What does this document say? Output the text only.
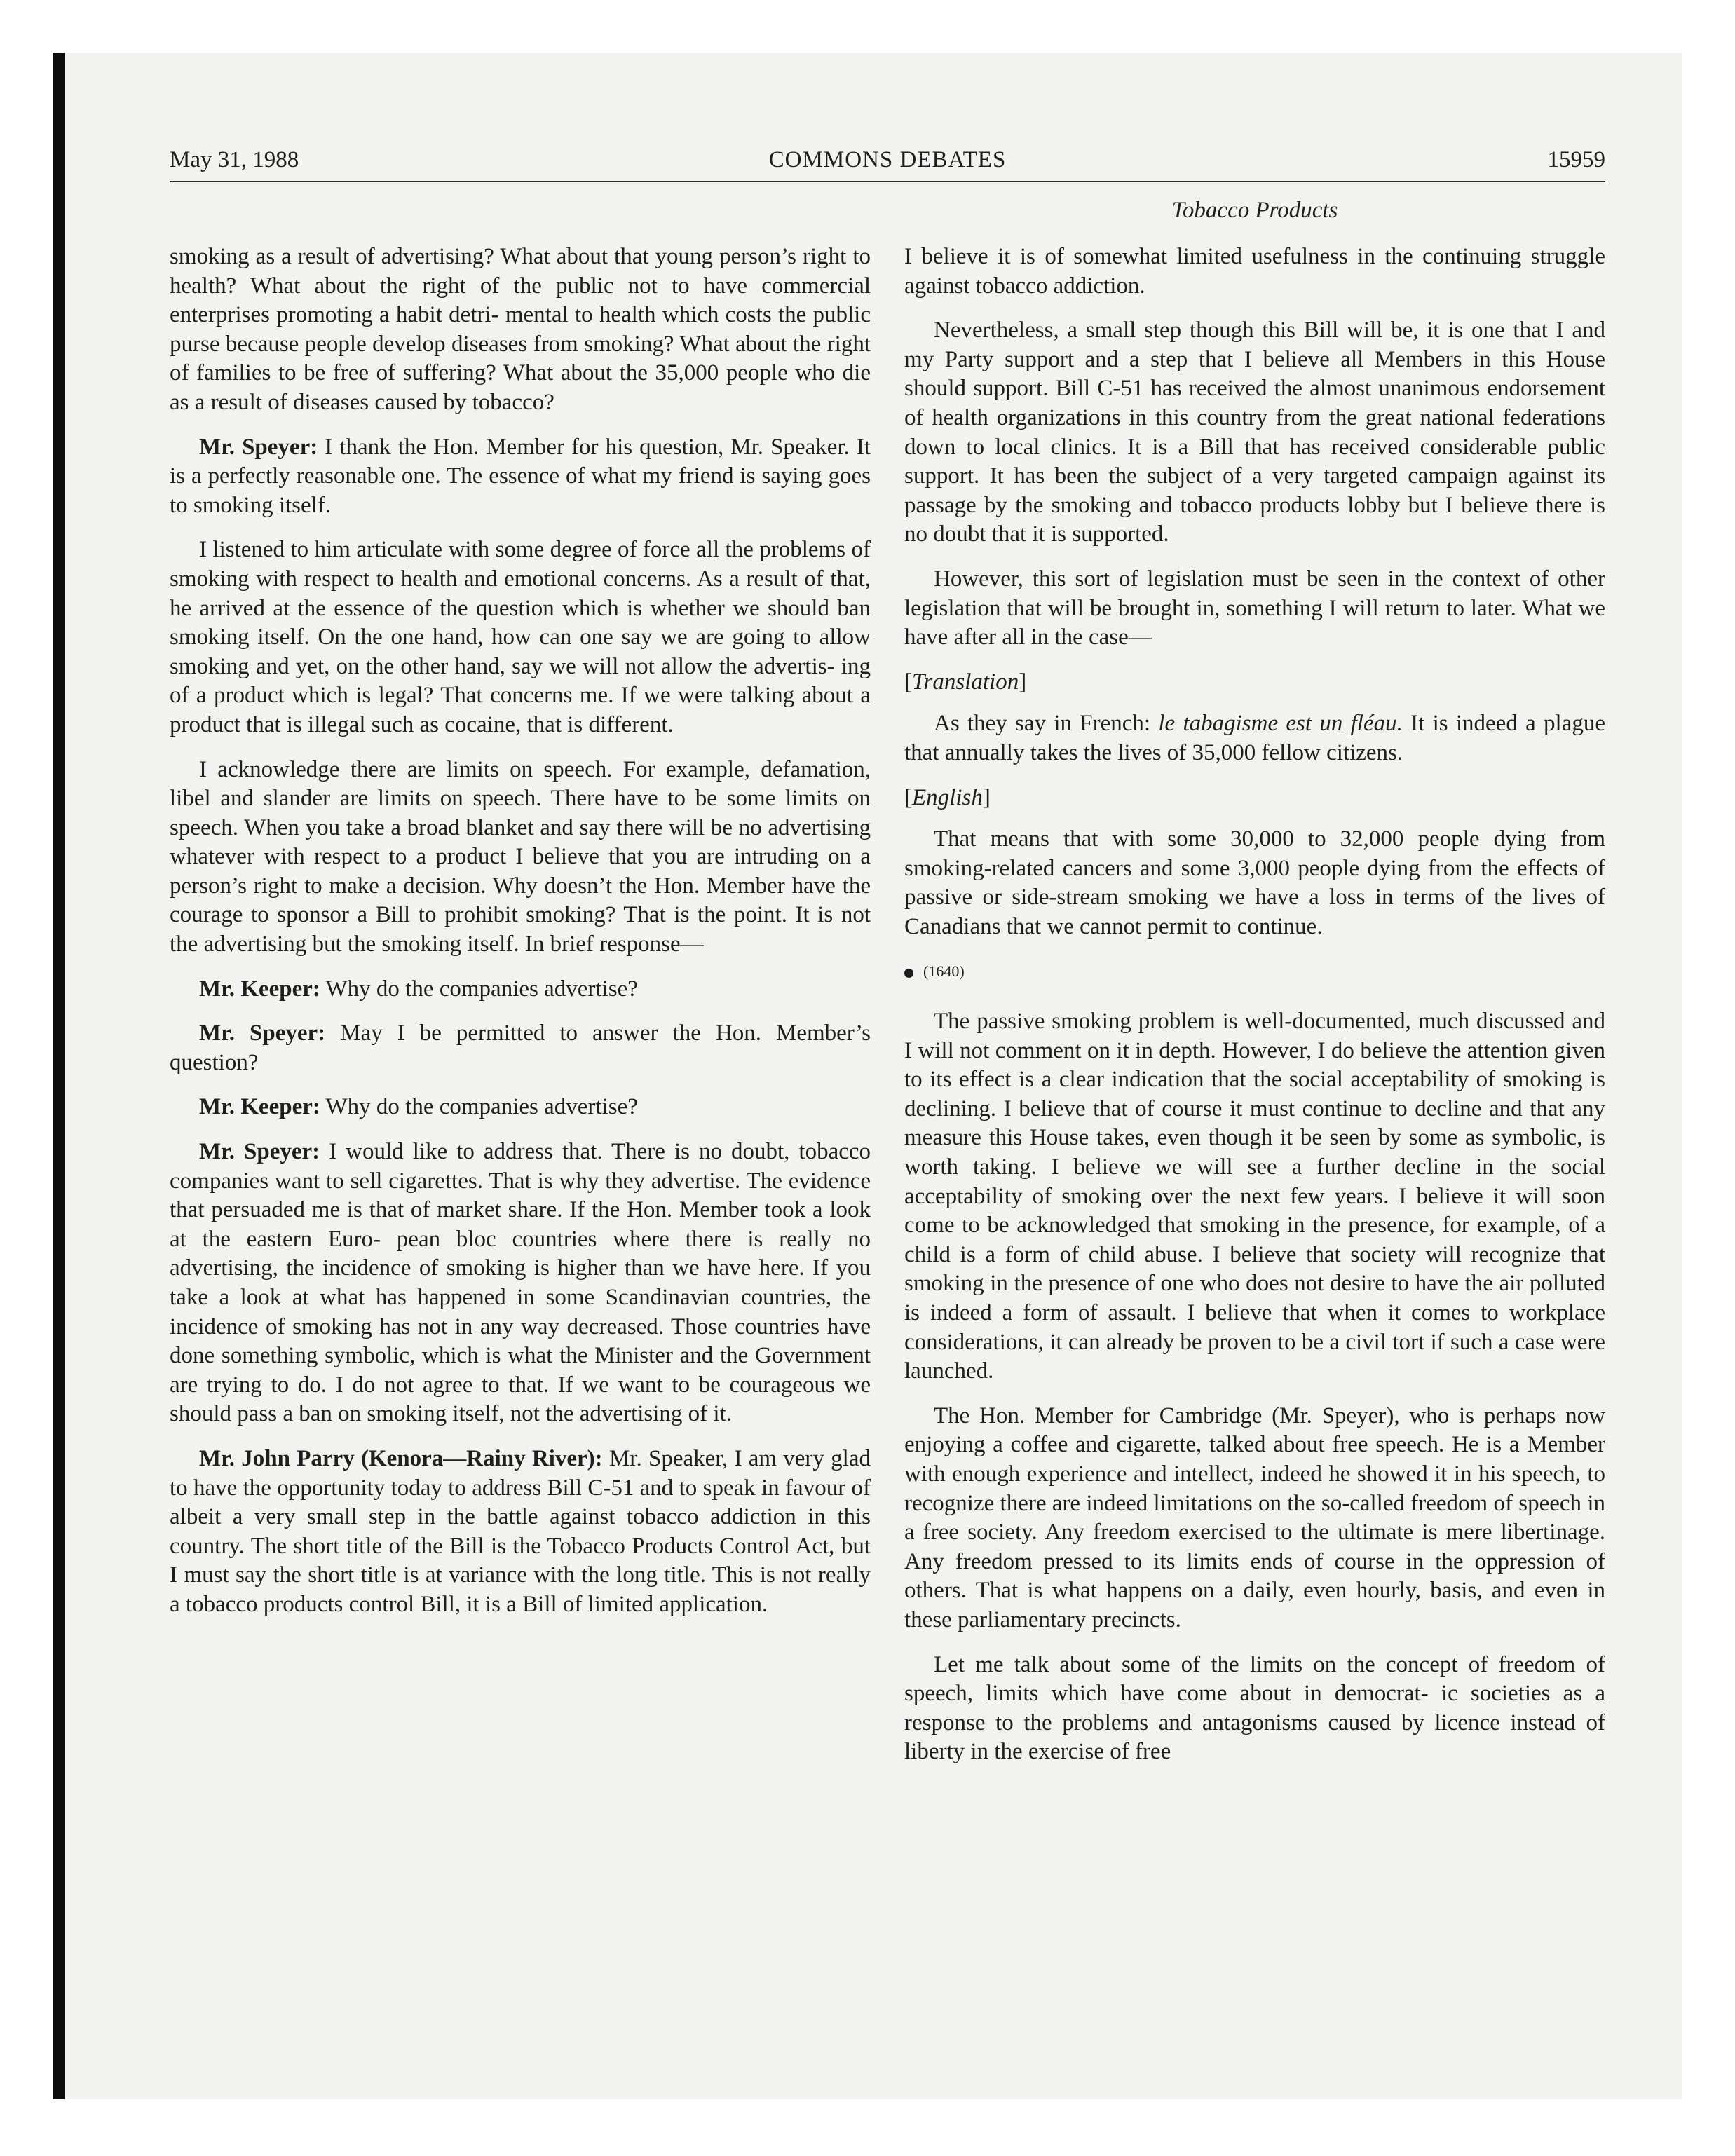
May 31, 1988	COMMONS DEBATES	15959
Tobacco Products

smoking as a result of advertising? What about that young person’s right to health? What about the right of the public not to have commercial enterprises promoting a habit detri- mental to health which costs the public purse because people develop diseases from smoking? What about the right of families to be free of suffering? What about the 35,000 people who die as a result of diseases caused by tobacco?

Mr. Speyer: I thank the Hon. Member for his question, Mr. Speaker. It is a perfectly reasonable one. The essence of what my friend is saying goes to smoking itself.

I listened to him articulate with some degree of force all the problems of smoking with respect to health and emotional concerns. As a result of that, he arrived at the essence of the question which is whether we should ban smoking itself. On the one hand, how can one say we are going to allow smoking and yet, on the other hand, say we will not allow the advertis- ing of a product which is legal? That concerns me. If we were talking about a product that is illegal such as cocaine, that is different.

I acknowledge there are limits on speech. For example, defamation, libel and slander are limits on speech. There have to be some limits on speech. When you take a broad blanket and say there will be no advertising whatever with respect to a product I believe that you are intruding on a person’s right to make a decision. Why doesn’t the Hon. Member have the courage to sponsor a Bill to prohibit smoking? That is the point. It is not the advertising but the smoking itself. In brief response—

Mr. Keeper: Why do the companies advertise?

Mr. Speyer: May I be permitted to answer the Hon. Member’s question?

Mr. Keeper: Why do the companies advertise?

Mr. Speyer: I would like to address that. There is no doubt, tobacco companies want to sell cigarettes. That is why they advertise. The evidence that persuaded me is that of market share. If the Hon. Member took a look at the eastern Euro- pean bloc countries where there is really no advertising, the incidence of smoking is higher than we have here. If you take a look at what has happened in some Scandinavian countries, the incidence of smoking has not in any way decreased. Those countries have done something symbolic, which is what the Minister and the Government are trying to do. I do not agree to that. If we want to be courageous we should pass a ban on smoking itself, not the advertising of it.

Mr. John Parry (Kenora—Rainy River): Mr. Speaker, I am very glad to have the opportunity today to address Bill C-51 and to speak in favour of albeit a very small step in the battle against tobacco addiction in this country. The short title of the Bill is the Tobacco Products Control Act, but I must say the short title is at variance with the long title. This is not really a tobacco products control Bill, it is a Bill of limited application.

I believe it is of somewhat limited usefulness in the continuing struggle against tobacco addiction.

Nevertheless, a small step though this Bill will be, it is one that I and my Party support and a step that I believe all Members in this House should support. Bill C-51 has received the almost unanimous endorsement of health organizations in this country from the great national federations down to local clinics. It is a Bill that has received considerable public support. It has been the subject of a very targeted campaign against its passage by the smoking and tobacco products lobby but I believe there is no doubt that it is supported.

However, this sort of legislation must be seen in the context of other legislation that will be brought in, something I will return to later. What we have after all in the case—

[Translation]

As they say in French: le tabagisme est un fléau. It is indeed a plague that annually takes the lives of 35,000 fellow citizens.

[English]

That means that with some 30,000 to 32,000 people dying from smoking-related cancers and some 3,000 people dying from the effects of passive or side-stream smoking we have a loss in terms of the lives of Canadians that we cannot permit to continue.

(1640)

The passive smoking problem is well-documented, much discussed and I will not comment on it in depth. However, I do believe the attention given to its effect is a clear indication that the social acceptability of smoking is declining. I believe that of course it must continue to decline and that any measure this House takes, even though it be seen by some as symbolic, is worth taking. I believe we will see a further decline in the social acceptability of smoking over the next few years. I believe it will soon come to be acknowledged that smoking in the presence, for example, of a child is a form of child abuse. I believe that society will recognize that smoking in the presence of one who does not desire to have the air polluted is indeed a form of assault. I believe that when it comes to workplace considerations, it can already be proven to be a civil tort if such a case were launched.

The Hon. Member for Cambridge (Mr. Speyer), who is perhaps now enjoying a coffee and cigarette, talked about free speech. He is a Member with enough experience and intellect, indeed he showed it in his speech, to recognize there are indeed limitations on the so-called freedom of speech in a free society. Any freedom exercised to the ultimate is mere libertinage. Any freedom pressed to its limits ends of course in the oppression of others. That is what happens on a daily, even hourly, basis, and even in these parliamentary precincts.

Let me talk about some of the limits on the concept of freedom of speech, limits which have come about in democrat- ic societies as a response to the problems and antagonisms caused by licence instead of liberty in the exercise of free
